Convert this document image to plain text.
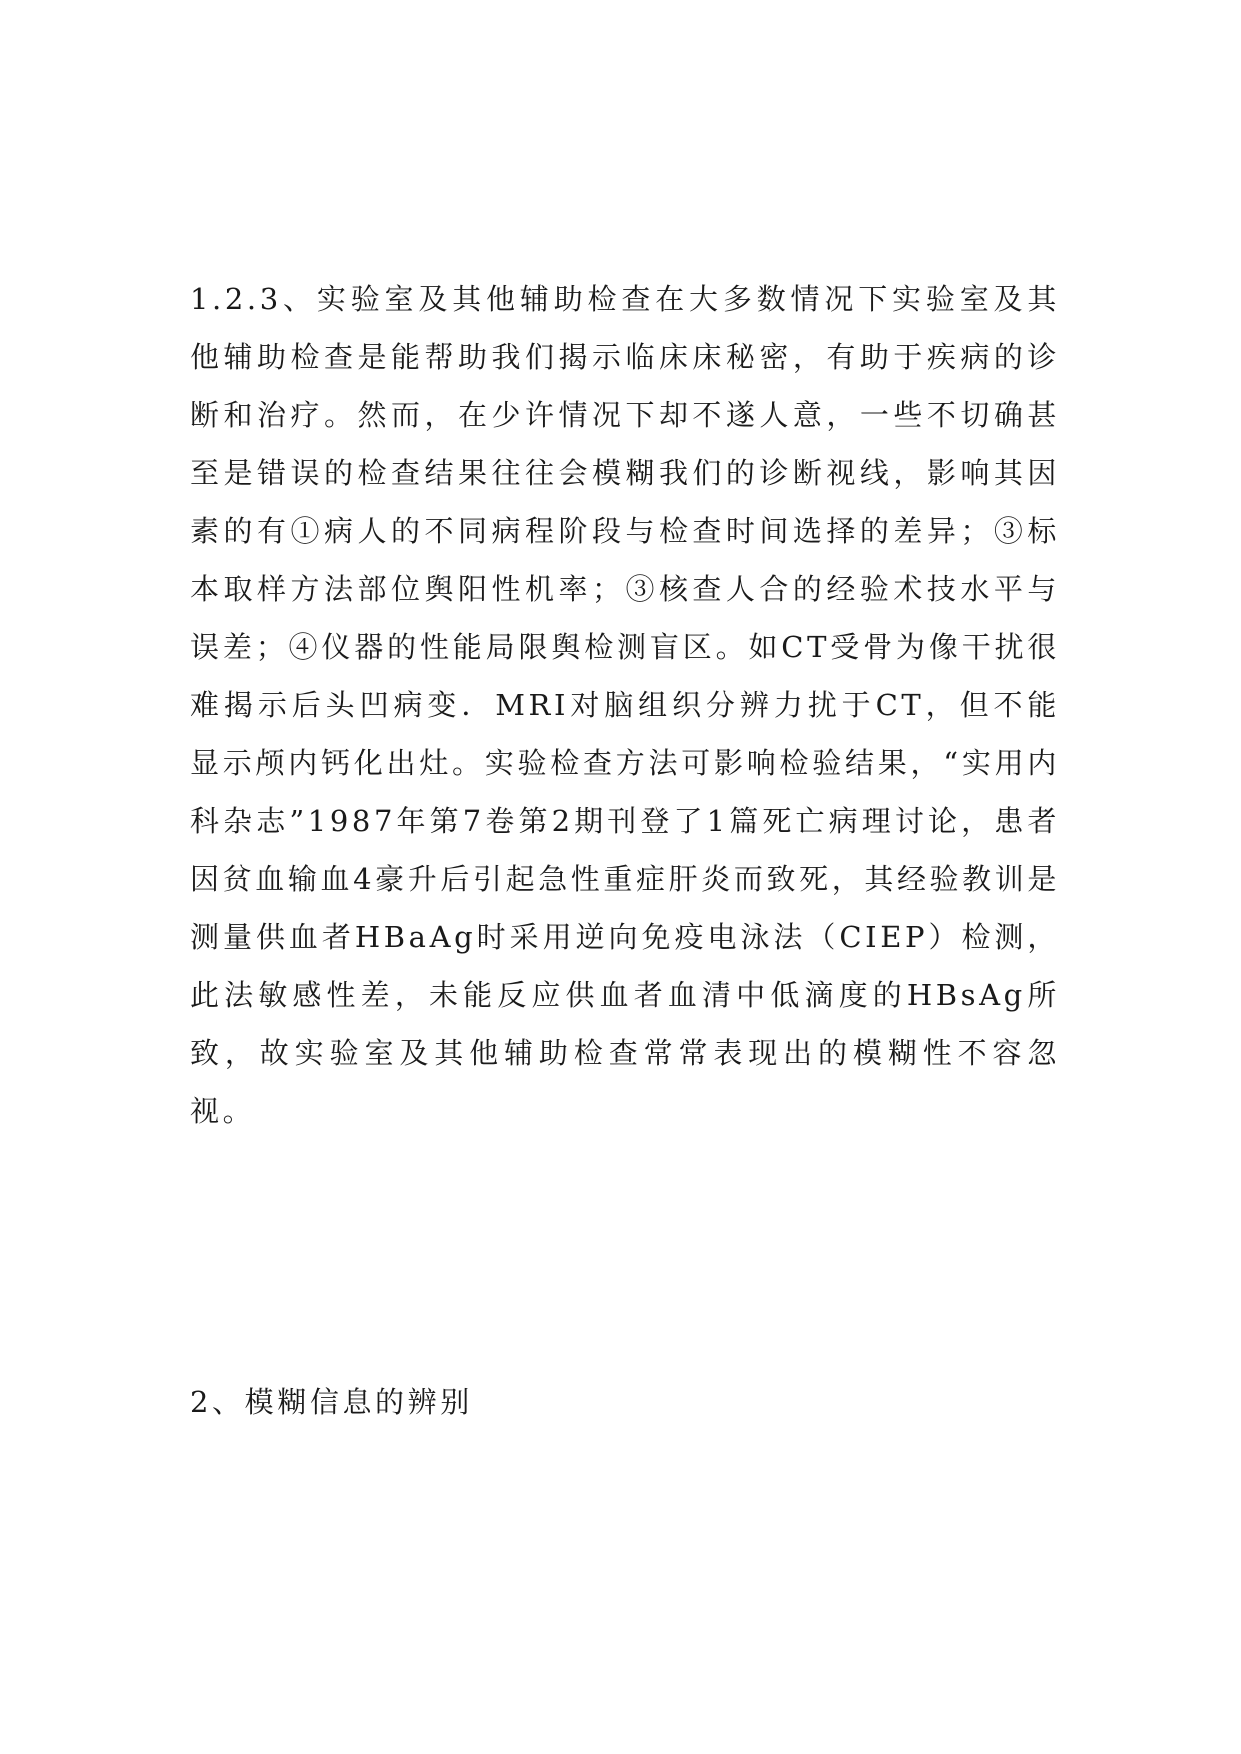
1.2.3、实验室及其他辅助检查在大多数情况下实验室及其他辅助检查是能帮助我们揭示临床床秘密，有助于疾病的诊断和治疗。然而，在少许情况下却不遂人意，一些不切确甚至是错误的检查结果往往会模糊我们的诊断视线，影响其因素的有①病人的不同病程阶段与检查时间选择的差异；③标本取样方法部位舆阳性机率；③核查人合的经验术技水平与误差；④仪器的性能局限舆检测盲区。如CT受骨为像干扰很难揭示后头凹病变．MRI对脑组织分辨力扰于CT，但不能显示颅内钙化出灶。实验检查方法可影响检验结果，“实用内科杂志”1987年第7卷第2期刊登了1篇死亡病理讨论，患者因贫血输血4豪升后引起急性重症肝炎而致死，其经验教训是测量供血者HBaAg时采用逆向免疫电泳法（CIEP）检测，此法敏感性差，未能反应供血者血清中低滴度的HBsAg所致，故实验室及其他辅助检查常常表现出的模糊性不容忽视。

2、模糊信息的辨别
